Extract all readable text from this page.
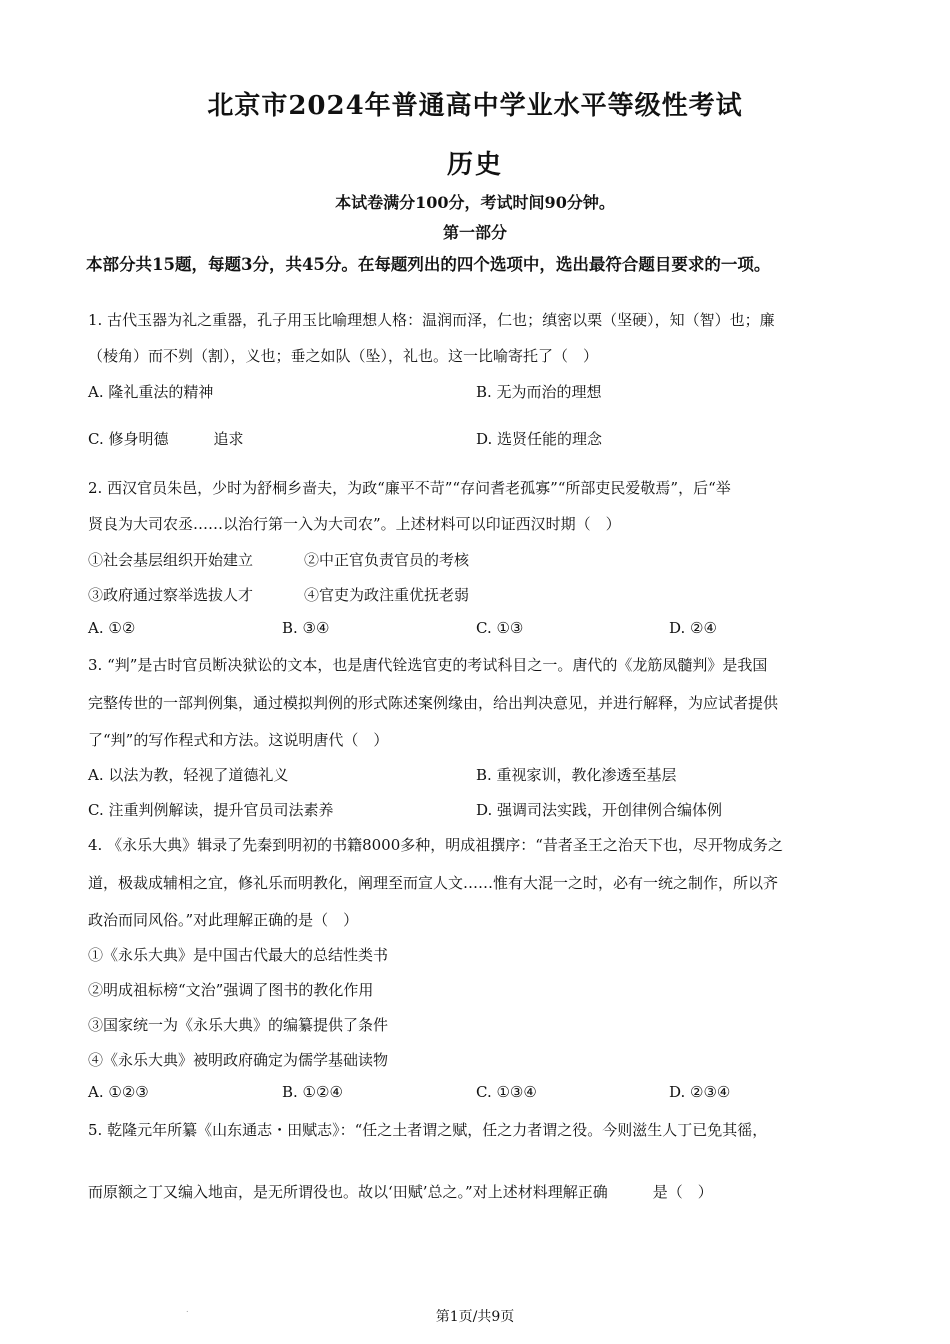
北京市2024年普通高中学业水平等级性考试
历史
本试卷满分100分，考试时间90分钟。
第一部分
本部分共15题，每题3分，共45分。在每题列出的四个选项中，选出最符合题目要求的一项。
1. 古代玉器为礼之重器，孔子用玉比喻理想人格：温润而泽，仁也；缜密以栗（坚硬），知（智）也；廉
（棱角）而不刿（割），义也；垂之如队（坠），礼也。这一比喻寄托了（　）
A. 隆礼重法的精神	B. 无为而治的理想
C. 修身明德　　　追求	D. 选贤任能的理念
2. 西汉官员朱邑，少时为舒桐乡啬夫，为政“廉平不苛”“存问耆老孤寡”“所部吏民爱敬焉”，后“举
贤良为大司农丞……以治行第一入为大司农”。上述材料可以印证西汉时期（　）
①社会基层组织开始建立	②中正官负责官员的考核
③政府通过察举选拔人才	④官吏为政注重优抚老弱
A. ①②	B. ③④	C. ①③	D. ②④
3. “判”是古时官员断决狱讼的文本，也是唐代铨选官吏的考试科目之一。唐代的《龙筋凤髓判》是我国
完整传世的一部判例集，通过模拟判例的形式陈述案例缘由，给出判决意见，并进行解释，为应试者提供
了“判”的写作程式和方法。这说明唐代（　）
A. 以法为教，轻视了道德礼义	B. 重视家训，教化渗透至基层
C. 注重判例解读，提升官员司法素养	D. 强调司法实践，开创律例合编体例
4. 《永乐大典》辑录了先秦到明初的书籍8000多种，明成祖撰序：“昔者圣王之治天下也，尽开物成务之
道，极裁成辅相之宜，修礼乐而明教化，阐理至而宣人文……惟有大混一之时，必有一统之制作，所以齐
政治而同风俗。”对此理解正确的是（　）
①《永乐大典》是中国古代最大的总结性类书
②明成祖标榜“文治”强调了图书的教化作用
③国家统一为《永乐大典》的编纂提供了条件
④《永乐大典》被明政府确定为儒学基础读物
A. ①②③	B. ①②④	C. ①③④	D. ②③④
5. 乾隆元年所纂《山东通志・田赋志》：“任之土者谓之赋，任之力者谓之役。今则滋生人丁已免其徭，
而原额之丁又编入地亩，是无所谓役也。故以‘田赋’总之。”对上述材料理解正确　　　是（　）
.	第1页/共9页
